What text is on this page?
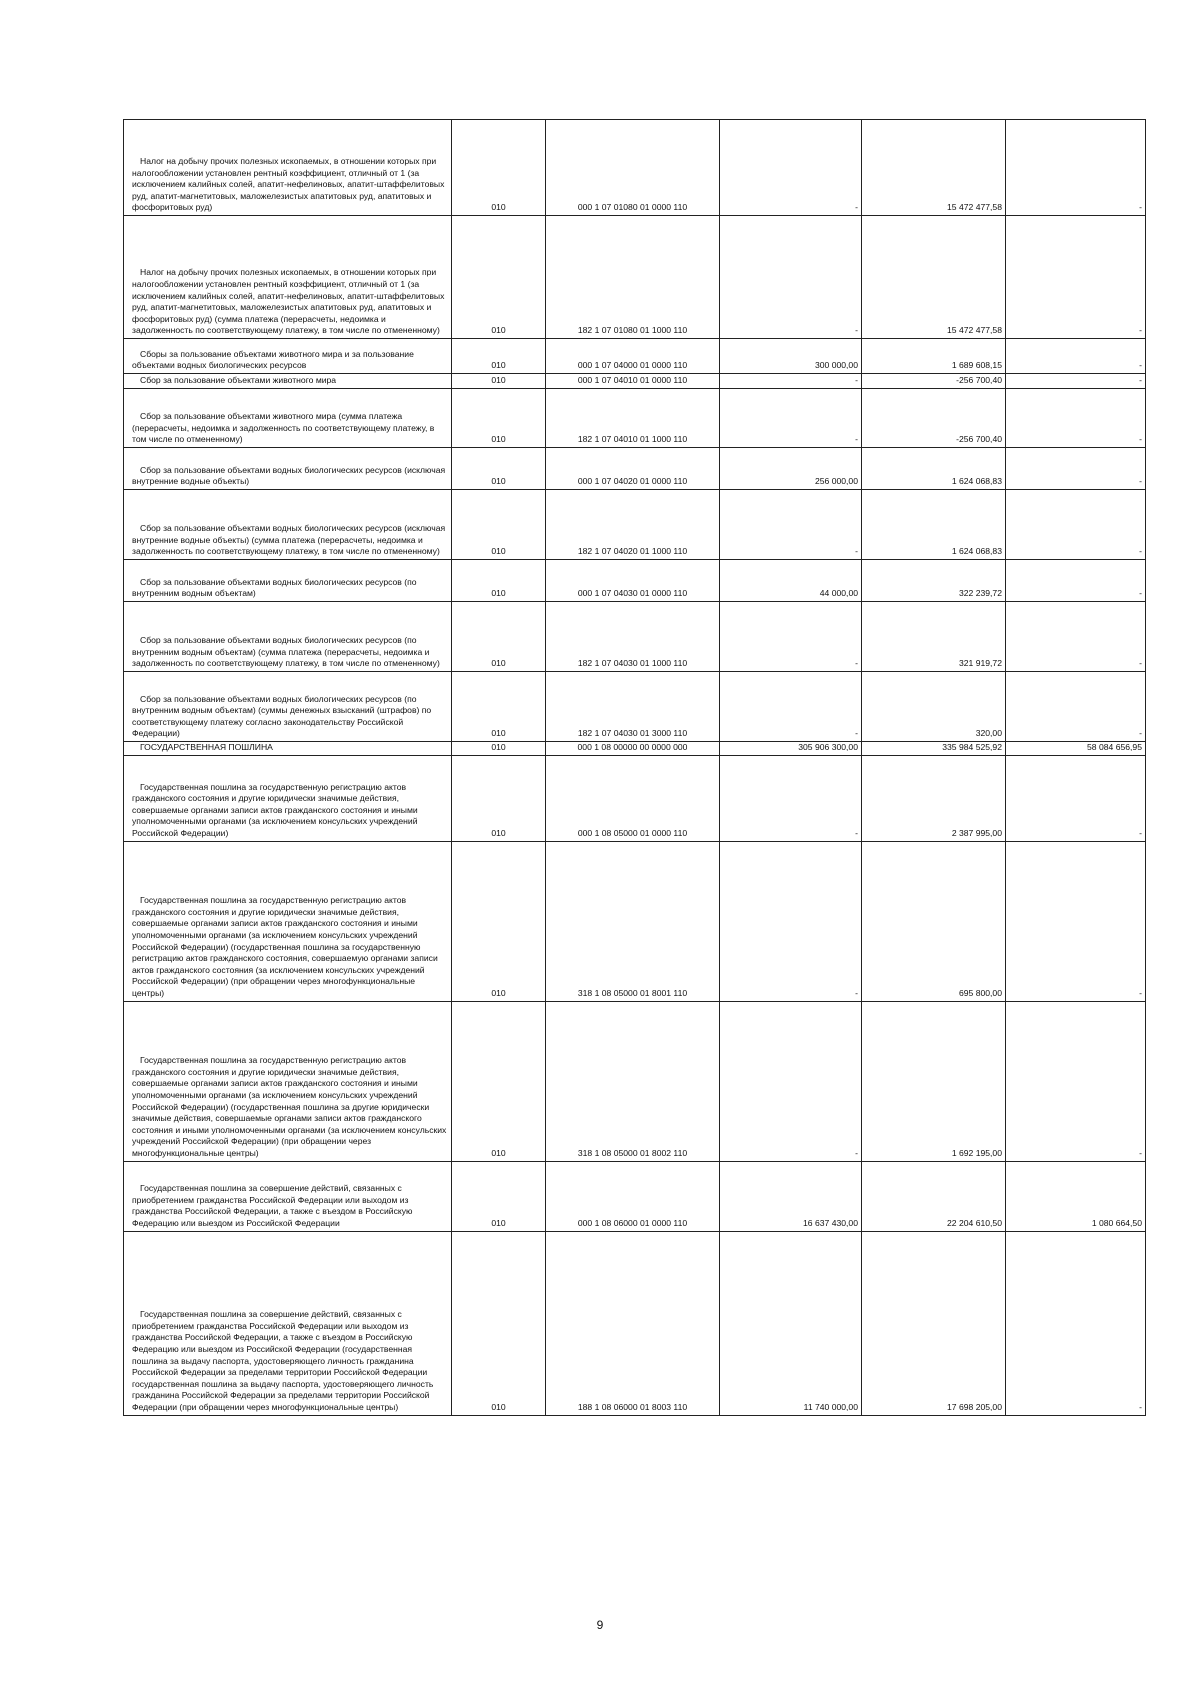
Налог на добычу прочих полезных ископаемых, в отношении которых при налогообложении установлен рентный коэффициент, отличный от 1 (за исключением калийных солей, апатит-нефелиновых, апатит-штаффелитовых руд, апатит-магнетитовых, маложелезистых апатитовых руд, апатитовых и фосфоритовых руд)	010	000 1 07 01080 01 0000 110	-	15 472 477,58	-

Налог на добычу прочих полезных ископаемых, в отношении которых при налогообложении установлен рентный коэффициент, отличный от 1 (за исключением калийных солей, апатит-нефелиновых, апатит-штаффелитовых руд, апатит-магнетитовых, маложелезистых апатитовых руд, апатитовых и фосфоритовых руд) (сумма платежа (перерасчеты, недоимка и задолженность по соответствующему платежу, в том числе по отмененному)	010	182 1 07 01080 01 1000 110	-	15 472 477,58	-

Сборы за пользование объектами животного мира и за пользование объектами водных биологических ресурсов	010	000 1 07 04000 01 0000 110	300 000,00	1 689 608,15	-

Сбор за пользование объектами животного мира	010	000 1 07 04010 01 0000 110	-	-256 700,40	-

Сбор за пользование объектами животного мира (сумма платежа (перерасчеты, недоимка и задолженность по соответствующему платежу, в том числе по отмененному)	010	182 1 07 04010 01 1000 110	-	-256 700,40	-

Сбор за пользование объектами водных биологических ресурсов (исключая внутренние водные объекты)	010	000 1 07 04020 01 0000 110	256 000,00	1 624 068,83	-

Сбор за пользование объектами водных биологических ресурсов (исключая внутренние водные объекты) (сумма платежа (перерасчеты, недоимка и задолженность по соответствующему платежу, в том числе по отмененному)	010	182 1 07 04020 01 1000 110	-	1 624 068,83	-

Сбор за пользование объектами водных биологических ресурсов (по внутренним водным объектам)	010	000 1 07 04030 01 0000 110	44 000,00	322 239,72	-

Сбор за пользование объектами водных биологических ресурсов (по внутренним водным объектам) (сумма платежа (перерасчеты, недоимка и задолженность по соответствующему платежу, в том числе по отмененному)	010	182 1 07 04030 01 1000 110	-	321 919,72	-

Сбор за пользование объектами водных биологических ресурсов (по внутренним водным объектам) (суммы денежных взысканий (штрафов) по соответствующему платежу согласно законодательству Российской Федерации)	010	182 1 07 04030 01 3000 110	-	320,00	-

ГОСУДАРСТВЕННАЯ ПОШЛИНА	010	000 1 08 00000 00 0000 000	305 906 300,00	335 984 525,92	58 084 656,95

Государственная пошлина за государственную регистрацию актов гражданского состояния и другие юридически значимые действия, совершаемые органами записи актов гражданского состояния и иными уполномоченными органами (за исключением консульских учреждений Российской Федерации)	010	000 1 08 05000 01 0000 110	-	2 387 995,00	-

Государственная пошлина за государственную регистрацию актов гражданского состояния и другие юридически значимые действия, совершаемые органами записи актов гражданского состояния и иными уполномоченными органами (за исключением консульских учреждений Российской Федерации) (государственная пошлина за государственную регистрацию актов гражданского состояния, совершаемую органами записи актов гражданского состояния (за исключением консульских учреждений Российской Федерации) (при обращении через многофункциональные центры)	010	318 1 08 05000 01 8001 110	-	695 800,00	-

Государственная пошлина за государственную регистрацию актов гражданского состояния и другие юридически значимые действия, совершаемые органами записи актов гражданского состояния и иными уполномоченными органами (за исключением консульских учреждений Российской Федерации) (государственная пошлина за другие юридически значимые действия, совершаемые органами записи актов гражданского состояния и иными уполномоченными органами (за исключением консульских учреждений Российской Федерации) (при обращении через многофункциональные центры)	010	318 1 08 05000 01 8002 110	-	1 692 195,00	-

Государственная пошлина за совершение действий, связанных с приобретением гражданства Российской Федерации или выходом из гражданства Российской Федерации, а также с въездом в Российскую Федерацию или выездом из Российской Федерации	010	000 1 08 06000 01 0000 110	16 637 430,00	22 204 610,50	1 080 664,50

Государственная пошлина за совершение действий, связанных с приобретением гражданства Российской Федерации или выходом из гражданства Российской Федерации, а также с въездом в Российскую Федерацию или выездом из Российской Федерации (государственная пошлина за выдачу паспорта, удостоверяющего личность гражданина Российской Федерации за пределами территории Российской Федерации государственная пошлина за выдачу паспорта, удостоверяющего личность гражданина Российской Федерации за пределами территории Российской Федерации (при обращении через многофункциональные центры)	010	188 1 08 06000 01 8003 110	11 740 000,00	17 698 205,00	-
9
